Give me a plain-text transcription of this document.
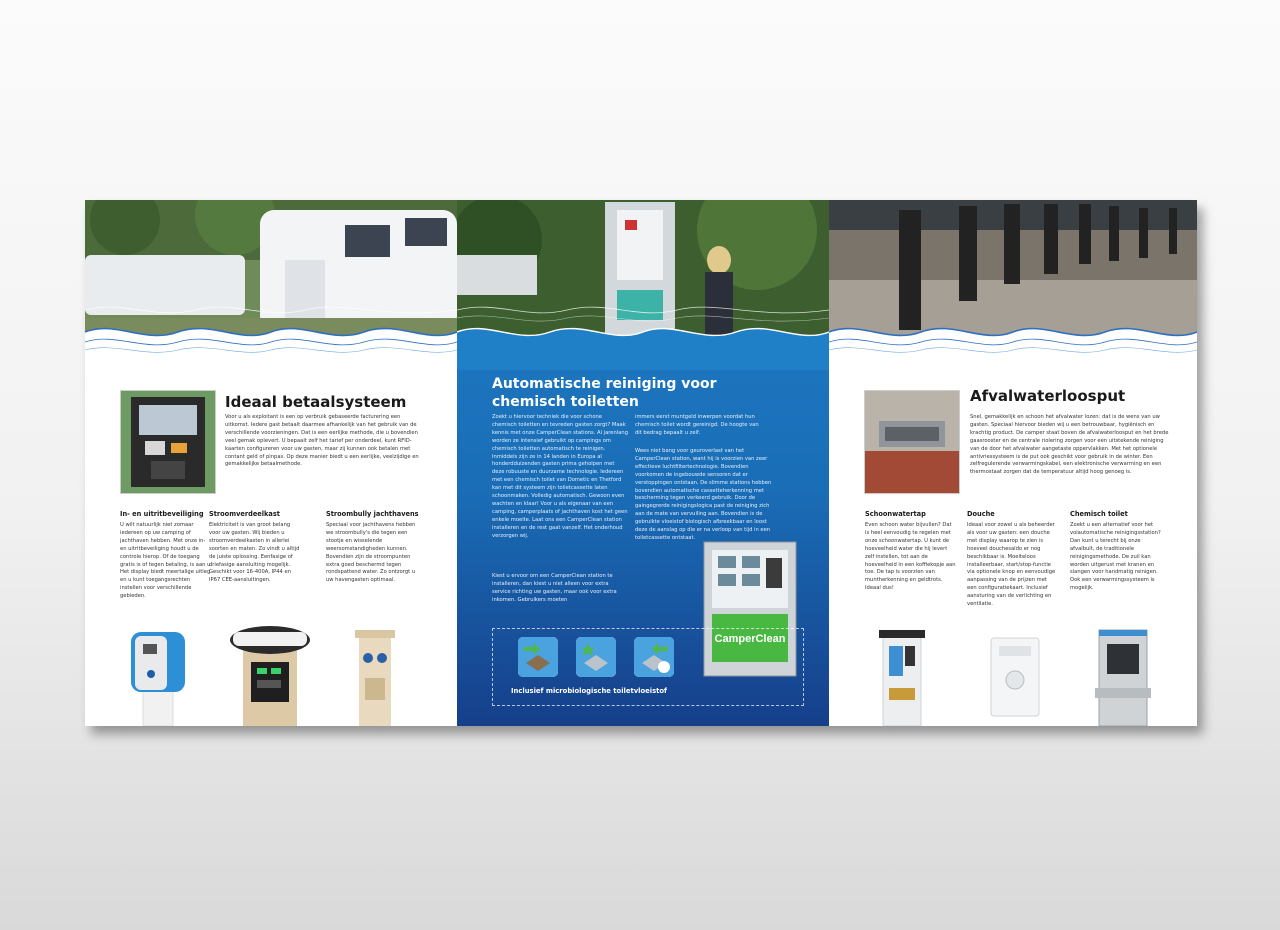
Ideaal betaalsysteem
Voor u als exploitant is een op verbruik gebaseerde facturering een uitkomst. Iedere gast betaalt daarmee afhankelijk van het gebruik van de verschillende voorzieningen. Dat is een eerlijke methode, die u bovendien veel gemak oplevert. U bepaalt zelf het tarief per onderdeel, kunt RFID-kaarten configureren voor uw gasten, maar zij kunnen ook betalen met contant geld of pinpas. Op deze manier biedt u een eerlijke, veelzijdige en gemakkelijke betaalmethode.
In- en uitritbeveiliging
U wilt natuurlijk niet zomaar iedereen op uw camping of jachthaven hebben. Met onze in- en uitritbeveiliging houdt u de controle hierop. Of de toegang gratis is of tegen betaling, is aan u. Het display biedt meertalige uitleg en u kunt toegangsrechten instellen voor verschillende gebieden.
Stroomverdeelkast
Elektriciteit is van groot belang voor uw gasten. Wij bieden u stroomverdeelkasten in allerlei soorten en maten. Zo vindt u altijd de juiste oplossing. Eenfasige of driefasige aansluiting mogelijk. Geschikt voor 16-400A, IP44 en IP67 CEE-aansluitingen.
Stroombully jachthavens
Speciaal voor jachthavens hebben we stroombully's die tegen een stootje en wisselende weersomstandigheden kunnen. Bovendien zijn de stroompunten extra goed beschermd tegen rondspattend water. Zo ontzorgt u uw havengasten optimaal.
Automatische reiniging voor
chemisch toiletten
Zoekt u hiervoor techniek die voor schone chemisch toiletten en tevreden gasten zorgt? Maak kennis met onze CamperClean stations. Al jarenlang worden ze intensief gebruikt op campings om chemisch toiletten automatisch te reinigen. Inmiddels zijn ze in 14 landen in Europa al honderdduizenden gasten prima geholpen met deze robuuste en duurzame technologie. Iedereen met een chemisch toilet van Dometic en Thetford kan met dit systeem zijn toiletcassette laten schoonmaken. Volledig automatisch. Gewoon even wachten en klaar! Voor u als eigenaar van een camping, camperplaats of jachthaven kost het geen enkele moeite. Laat ons een CamperClean station installeren en de rest gaat vanzelf. Het onderhoud verzorgen wij.
Kiest u ervoor om een CamperClean station te installeren, dan kiest u niet alleen voor extra service richting uw gasten, maar ook voor extra inkomen. Gebruikers moeten
immers eerst muntgeld inwerpen voordat hun chemisch toilet wordt gereinigd. De hoogte van dit bedrag bepaalt u zelf.
Wees niet bang voor geuroverlast van het CamperClean station, want hij is voorzien van zeer effectieve luchtfiltertechnologie. Bovendien voorkomen de ingebouwde sensoren dat er verstoppingen ontstaan. De slimme stations hebben bovendien automatische cassetteherkenning met bescherming tegen verkeerd gebruik. Door de gaingegrerde reinigingslogica past de reiniging zich aan de mate van vervuiling aan. Bovendien is de gebruikte vloeistof biologisch afbreekbaar en loost deze de aanslag op die er na verloop van tijd in een toiletcassette ontstaat.
CamperClean
Inclusief microbiologische toiletvloeistof
Afvalwaterloosput
Snel, gemakkelijk en schoon het afvalwater lozen: dat is de wens van uw gasten. Speciaal hiervoor bieden wij u een betrouwbaar, hygiënisch en krachtig product. De camper staat boven de afvalwaterloosput en het brede gaasrooster en de centrale riolering zorgen voor een uitstekende reiniging van de door het afvalwater aangetaste oppervlakken. Met het optionele antivriessysteem is de put ook geschikt voor gebruik in de winter. Een zelfregulerende verwarmingskabel, een elektronische verwarming en een thermostaat zorgen dat de temperatuur altijd hoog genoeg is.
Schoonwatertap
Even schoon water bijvullen? Dat is heel eenvoudig te regelen met onze schoonwatertap. U kunt de hoeveelheid water die hij levert zelf instellen, tot aan de hoeveelheid in een koffiekopje aan toe. De tap is voorzien van muntherkenning en geldtrots. Ideaal dus!
Douche
Ideaal voor zowel u als beheerder als voor uw gasten: een douche met display waarop te zien is hoeveel douchesaldo er nog beschikbaar is. Moeiteloos installeerbaar, start/stop-functie via optionele knop en eenvoudige aanpassing van de prijzen met een configuratiekaart. Inclusief aansturing van de verlichting en ventilatie.
Chemisch toilet
Zoekt u een alternatief voor het volautomatische reinigingsstation? Dan kunt u terecht bij onze afvalbult, de traditionele reinigingsmethode. De zuil kan worden uitgerust met kranen en slangen voor handmatig reinigen. Ook een verwarmingssysteem is mogelijk.
